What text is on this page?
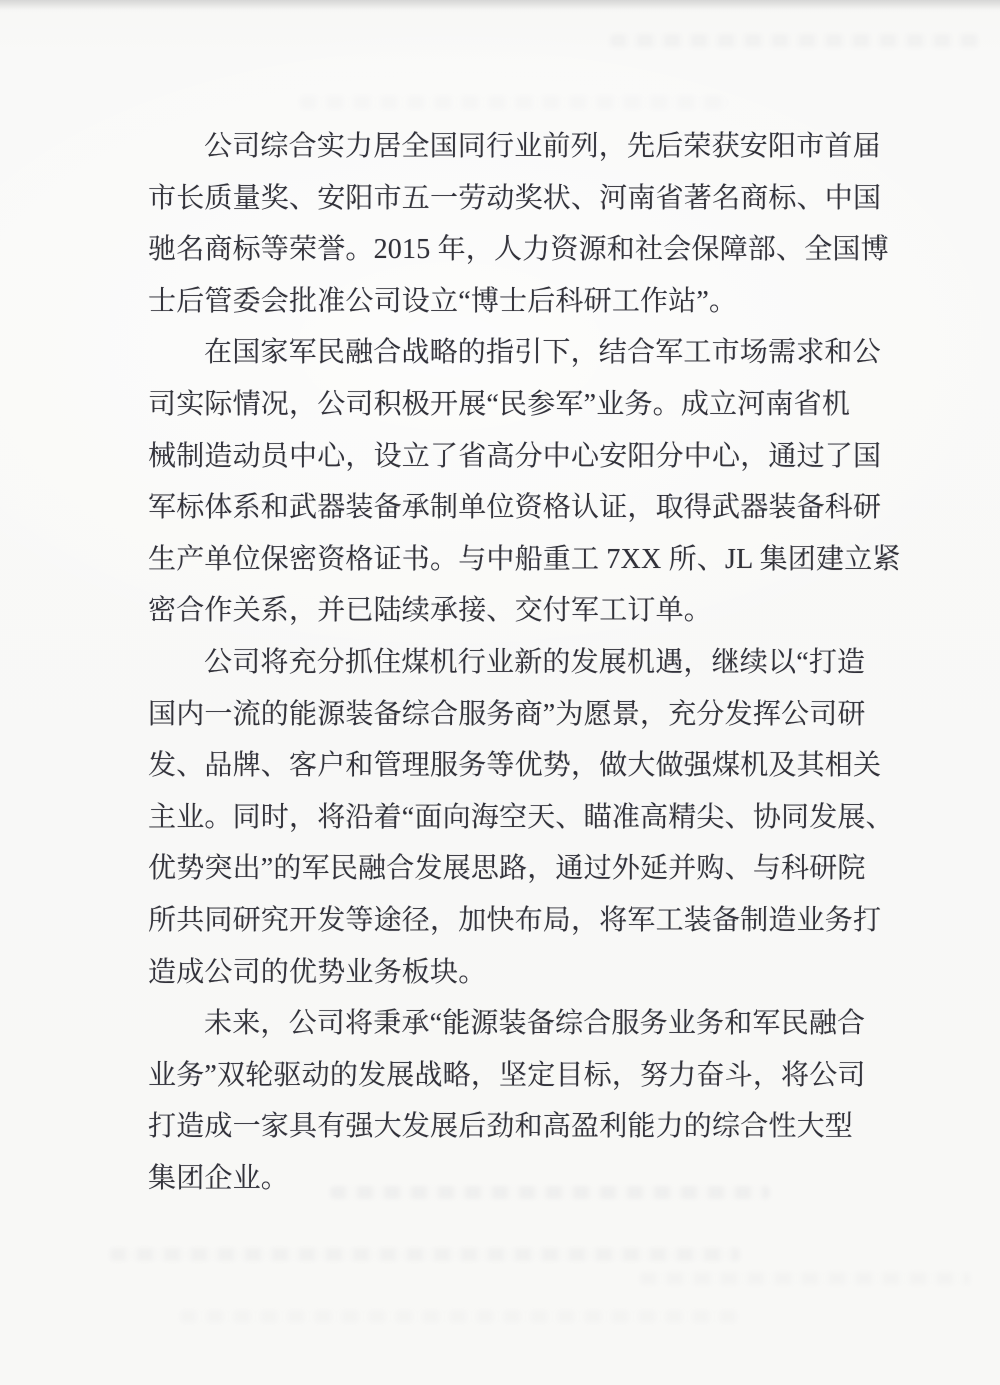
公司综合实力居全国同行业前列，先后荣获安阳市首届
市长质量奖、安阳市五一劳动奖状、河南省著名商标、中国
驰名商标等荣誉。2015 年，人力资源和社会保障部、全国博
士后管委会批准公司设立“博士后科研工作站”。
在国家军民融合战略的指引下，结合军工市场需求和公
司实际情况，公司积极开展“民参军”业务。成立河南省机
械制造动员中心，设立了省高分中心安阳分中心，通过了国
军标体系和武器装备承制单位资格认证，取得武器装备科研
生产单位保密资格证书。与中船重工 7XX 所、JL 集团建立紧
密合作关系，并已陆续承接、交付军工订单。
公司将充分抓住煤机行业新的发展机遇，继续以“打造
国内一流的能源装备综合服务商”为愿景，充分发挥公司研
发、品牌、客户和管理服务等优势，做大做强煤机及其相关
主业。同时，将沿着“面向海空天、瞄准高精尖、协同发展、
优势突出”的军民融合发展思路，通过外延并购、与科研院
所共同研究开发等途径，加快布局，将军工装备制造业务打
造成公司的优势业务板块。
未来，公司将秉承“能源装备综合服务业务和军民融合
业务”双轮驱动的发展战略，坚定目标，努力奋斗，将公司
打造成一家具有强大发展后劲和高盈利能力的综合性大型
集团企业。
